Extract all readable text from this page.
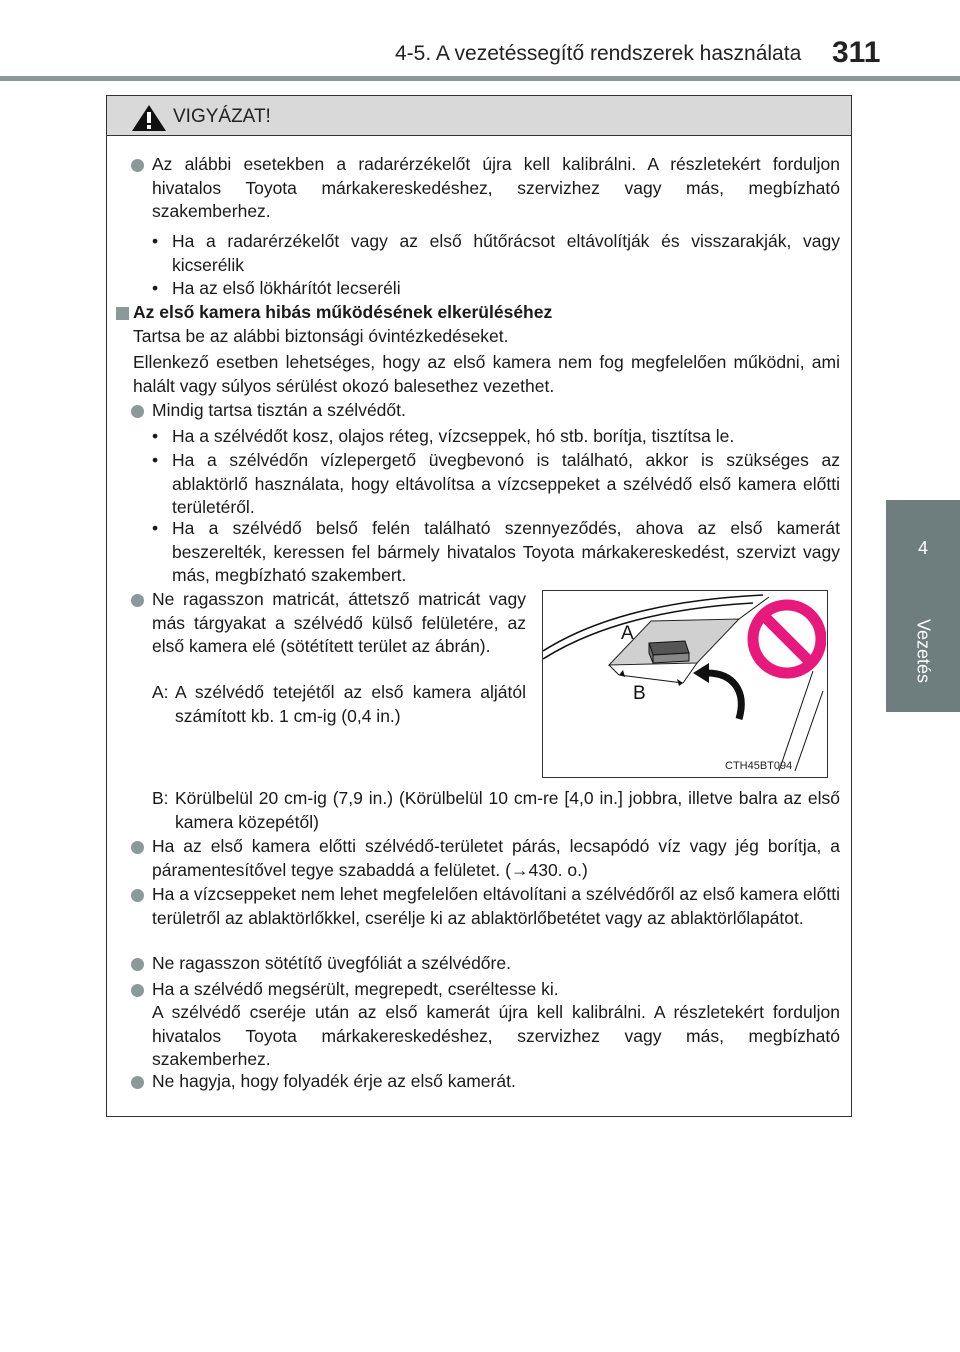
4-5. A vezetéssegítő rendszerek használata 311
4
Vezetés
VIGYÁZAT!
Az alábbi esetekben a radarérzékelőt újra kell kalibrálni. A részletekért forduljon hivatalos Toyota márkakereskedéshez, szervizhez vagy más, megbízható szakemberhez.
• Ha a radarérzékelőt vagy az első hűtőrácsot eltávolítják és visszarakják, vagy kicserélik
• Ha az első lökhárítót lecseréli
Az első kamera hibás működésének elkerüléséhez
Tartsa be az alábbi biztonsági óvintézkedéseket.
Ellenkező esetben lehetséges, hogy az első kamera nem fog megfelelően működni, ami halált vagy súlyos sérülést okozó balesethez vezethet.
Mindig tartsa tisztán a szélvédőt.
• Ha a szélvédőt kosz, olajos réteg, vízcseppek, hó stb. borítja, tisztítsa le.
• Ha a szélvédőn vízlepergető üvegbevonó is található, akkor is szükséges az ablaktörlő használata, hogy eltávolítsa a vízcseppeket a szélvédő első kamera előtti területéről.
• Ha a szélvédő belső felén található szennyeződés, ahova az első kamerát beszerelték, keressen fel bármely hivatalos Toyota márkakereskedést, szervizt vagy más, megbízható szakembert.
Ne ragasszon matricát, áttetsző matricát vagy más tárgyakat a szélvédő külső felületére, az első kamera elé (sötétített terület az ábrán).
A: A szélvédő tetejétől az első kamera aljától számított kb. 1 cm-ig (0,4 in.)
A
B
CTH45BT094
B: Körülbelül 20 cm-ig (7,9 in.) (Körülbelül 10 cm-re [4,0 in.] jobbra, illetve balra az első kamera közepétől)
Ha az első kamera előtti szélvédő-területet párás, lecsapódó víz vagy jég borítja, a páramentesítővel tegye szabaddá a felületet. (→430. o.)
Ha a vízcseppeket nem lehet megfelelően eltávolítani a szélvédőről az első kamera előtti területről az ablaktörlőkkel, cserélje ki az ablaktörlőbetétet vagy az ablaktörlőlapátot.
Ne ragasszon sötétítő üvegfóliát a szélvédőre.
Ha a szélvédő megsérült, megrepedt, cseréltesse ki.
A szélvédő cseréje után az első kamerát újra kell kalibrálni. A részletekért forduljon hivatalos Toyota márkakereskedéshez, szervizhez vagy más, megbízható szakemberhez.
Ne hagyja, hogy folyadék érje az első kamerát.
